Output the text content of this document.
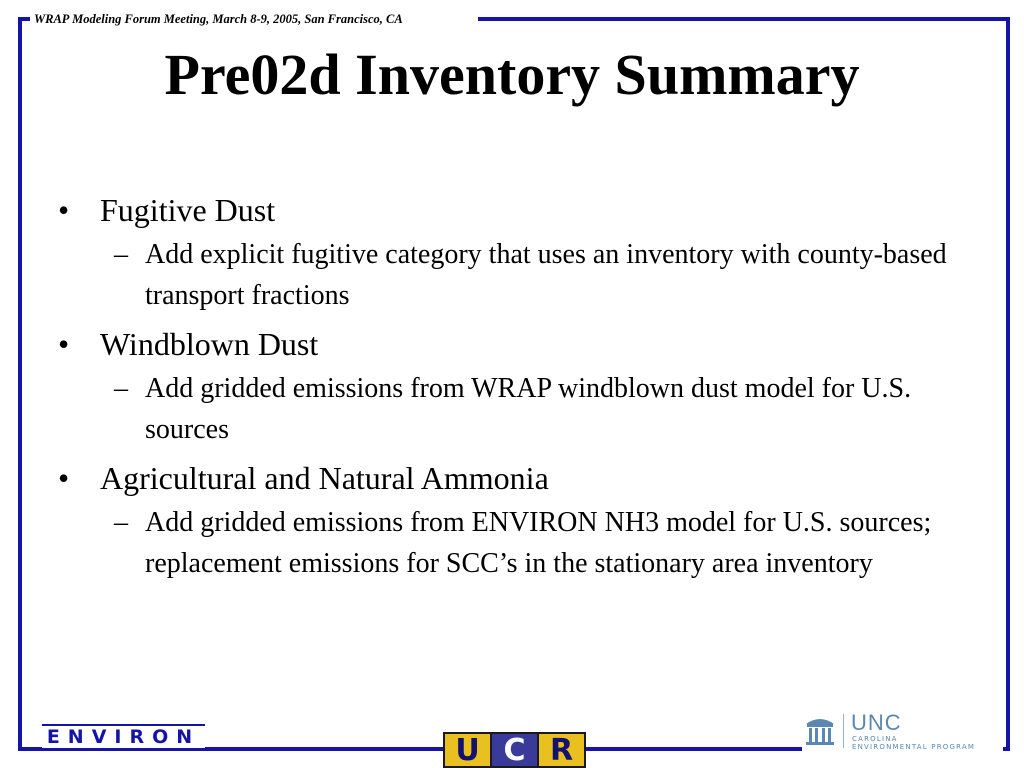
WRAP Modeling Forum Meeting, March 8-9, 2005, San Francisco, CA
Pre02d Inventory Summary
• Fugitive Dust
– Add explicit fugitive category that uses an inventory with county-based transport fractions
• Windblown Dust
– Add gridded emissions from WRAP windblown dust model for U.S. sources
• Agricultural and Natural Ammonia
– Add gridded emissions from ENVIRON NH3 model for U.S. sources; replacement emissions for SCC’s in the stationary area inventory
ENVIRON	U C R
UNC
CAROLINA
ENVIRONMENTAL PROGRAM
